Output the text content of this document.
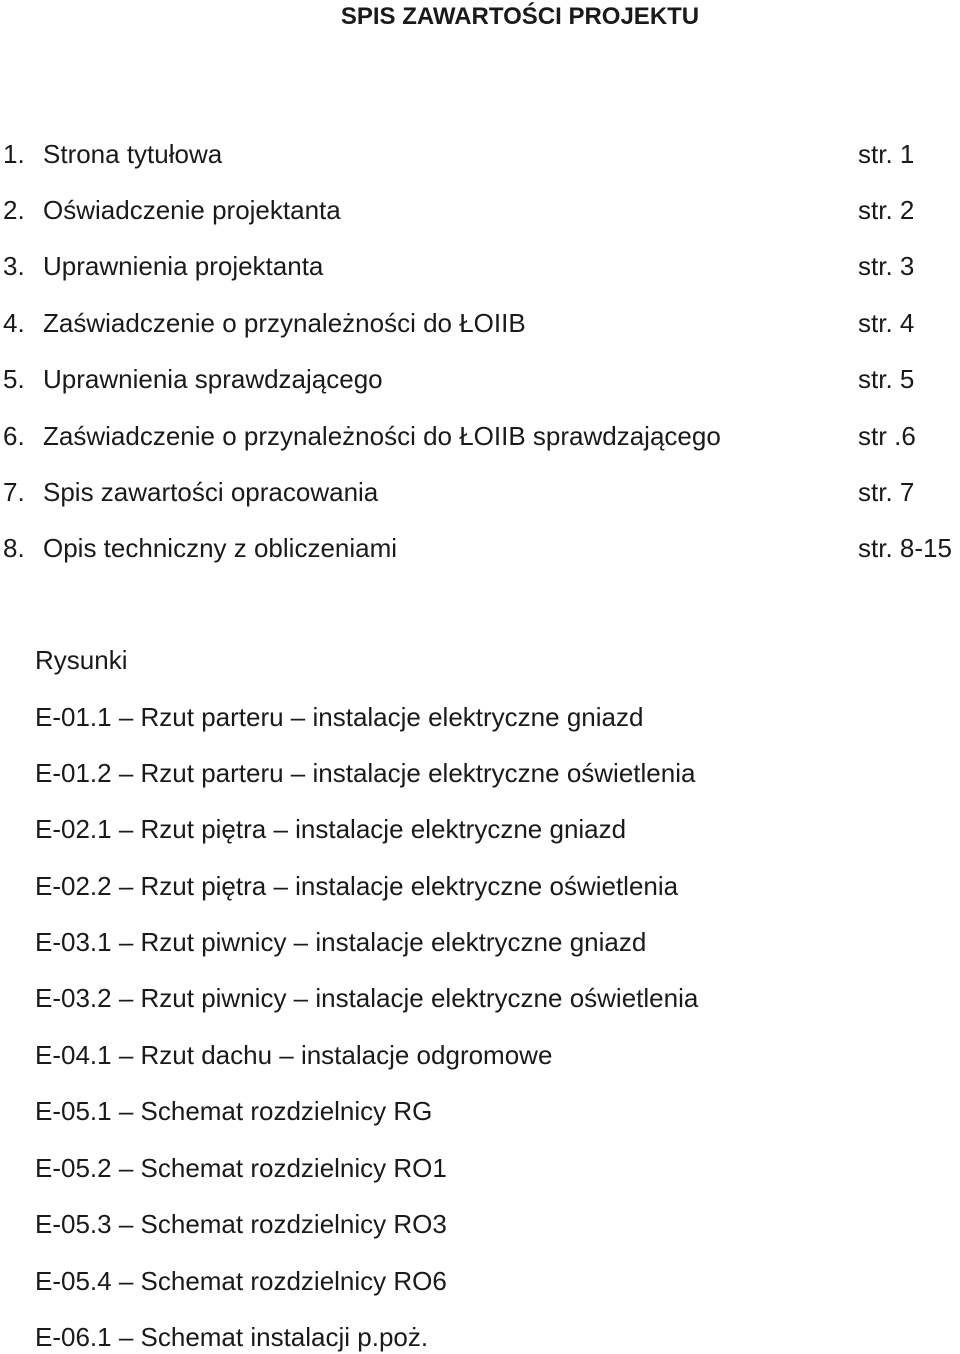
SPIS ZAWARTOŚCI PROJEKTU
1. Strona tytułowa	str. 1
2. Oświadczenie projektanta	str. 2
3. Uprawnienia projektanta	str. 3
4. Zaświadczenie o przynależności do ŁOIIB	str. 4
5. Uprawnienia sprawdzającego	str. 5
6. Zaświadczenie o przynależności do ŁOIIB sprawdzającego	str .6
7. Spis zawartości opracowania	str. 7
8. Opis techniczny z obliczeniami	str. 8-15
Rysunki
E-01.1 – Rzut parteru – instalacje elektryczne gniazd
E-01.2 – Rzut parteru – instalacje elektryczne oświetlenia
E-02.1 – Rzut piętra – instalacje elektryczne gniazd
E-02.2 – Rzut piętra – instalacje elektryczne oświetlenia
E-03.1 – Rzut piwnicy – instalacje elektryczne gniazd
E-03.2 – Rzut piwnicy – instalacje elektryczne oświetlenia
E-04.1 – Rzut dachu – instalacje odgromowe
E-05.1 – Schemat rozdzielnicy RG
E-05.2 – Schemat rozdzielnicy RO1
E-05.3 – Schemat rozdzielnicy RO3
E-05.4 – Schemat rozdzielnicy RO6
E-06.1 – Schemat instalacji p.poż.
